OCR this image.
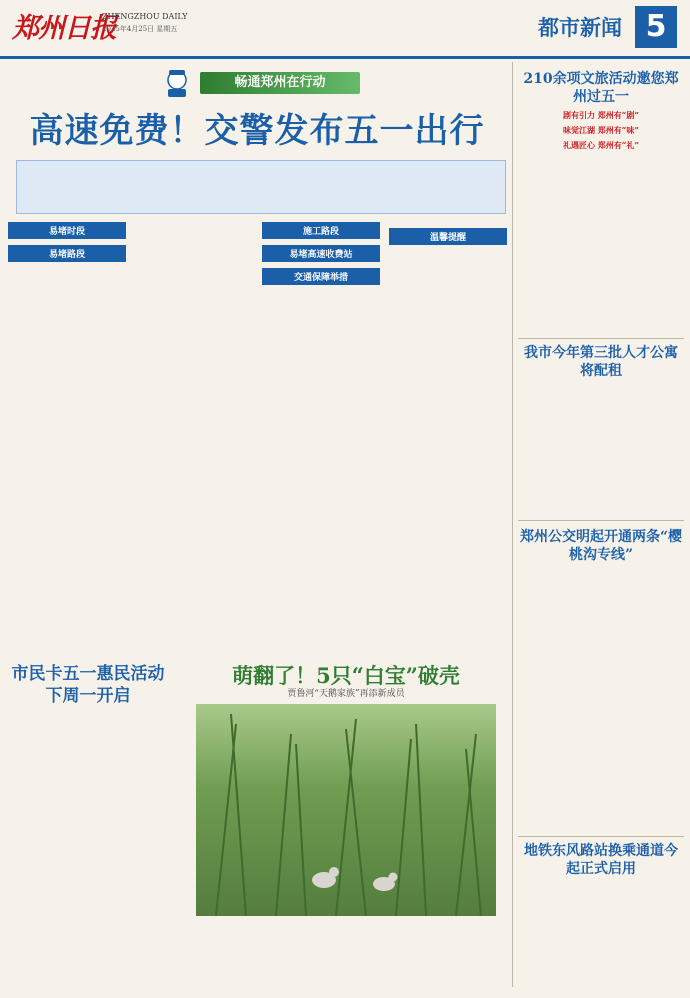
郑州日报
ZHENGZHOU DAILY
2025年4月25日 星期五	都市新闻 5
畅通郑州在行动
高速免费！交警发布五一出行
易堵时段
易堵路段
施工路段
易堵高速收费站
交通保障举措
温馨提醒
市民卡五一惠民活动下周一开启
萌翻了！5只“白宝”破壳
贾鲁河“天鹅家族”再添新成员
210余项文旅活动邀您郑州过五一
剧有引力 郑州有“剧”
味觉江湖 郑州有“味”
礼遇匠心 郑州有“礼”
我市今年第三批人才公寓将配租
郑州公交明起开通两条“樱桃沟专线”
地铁东风路站换乘通道今起正式启用
